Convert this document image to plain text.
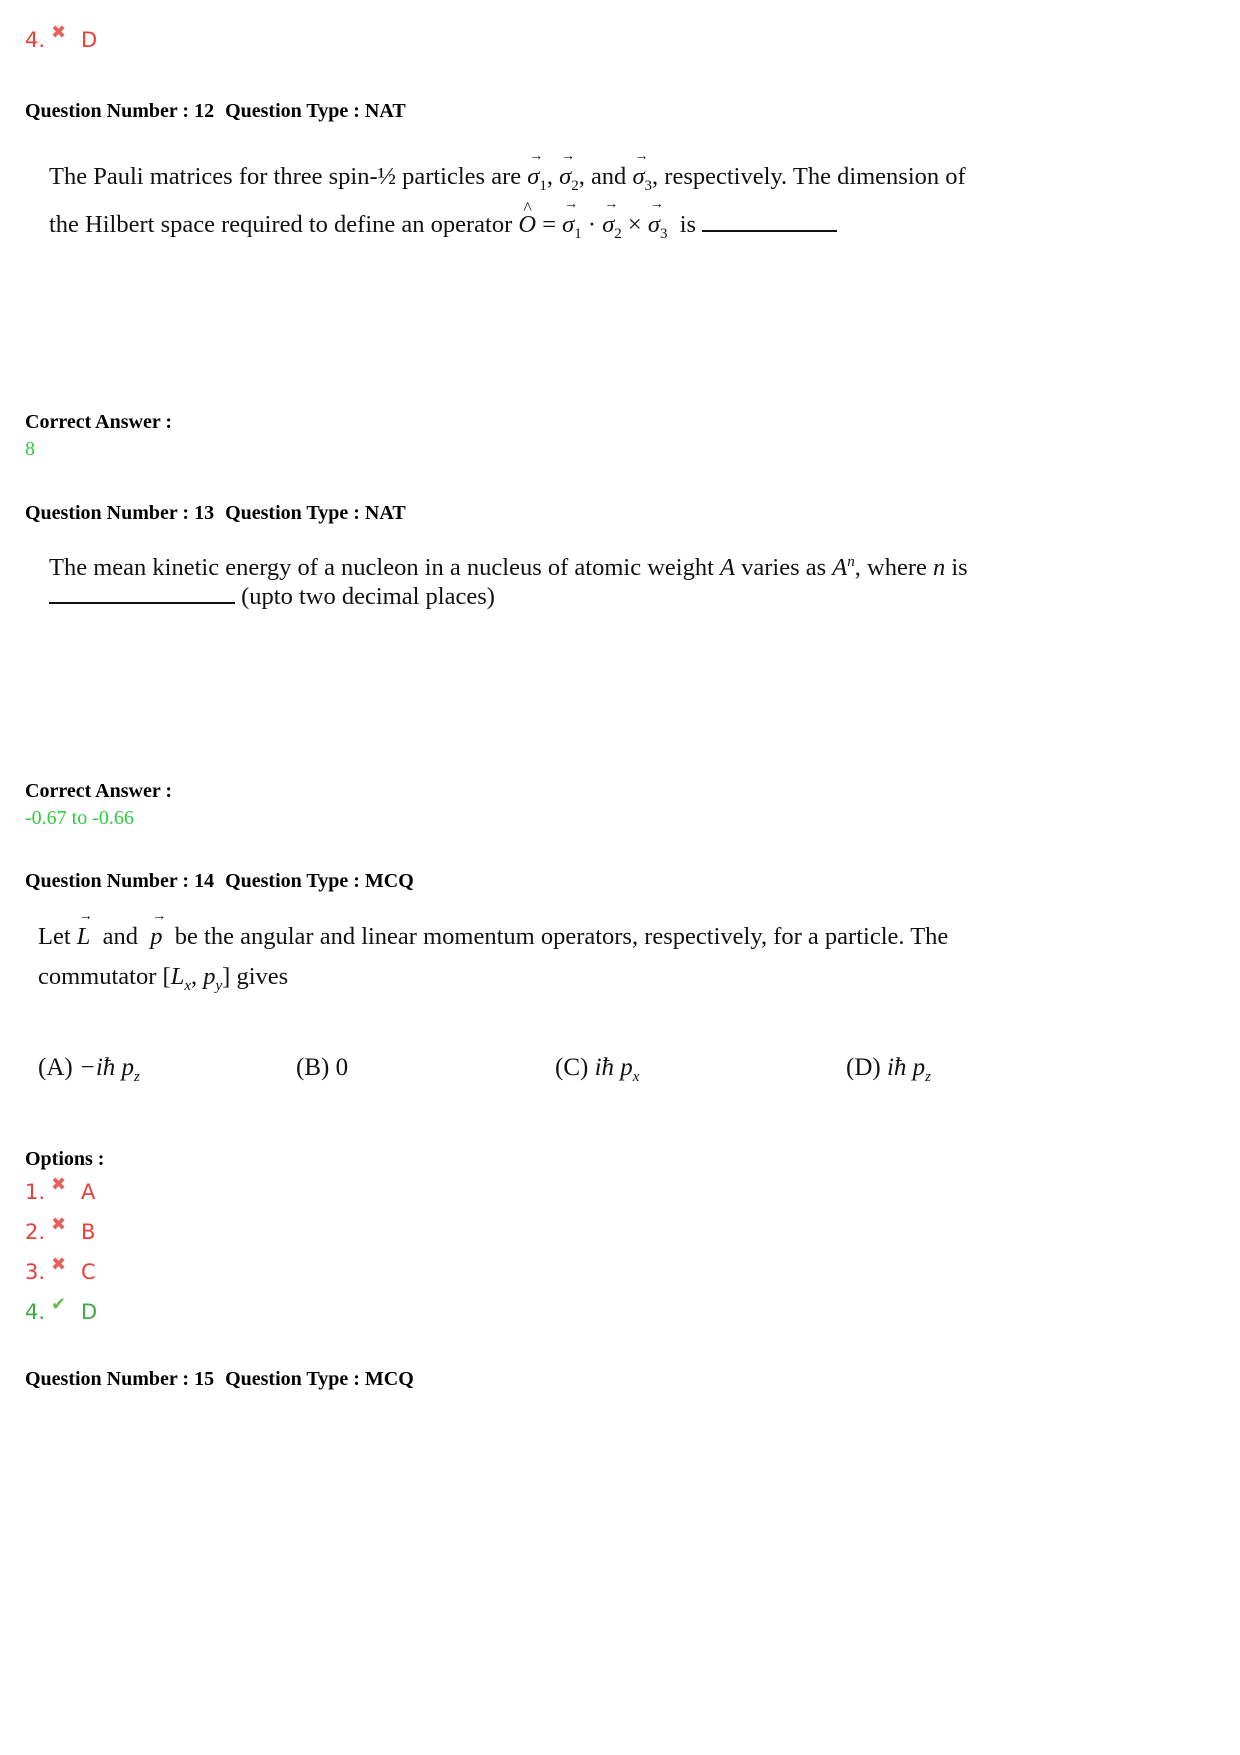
4. ✖ D
Question Number : 12 Question Type : NAT
The Pauli matrices for three spin-½ particles are → $\sigma_1$, → $\sigma_2$, and → $\sigma_3$, respectively. The dimension of
the Hilbert space required to define an operator ^ O = → $\sigma_1$ · → $\sigma_2$ × → $\sigma_3$ is
Correct Answer :
8
Question Number : 13 Question Type : NAT
The mean kinetic energy of a nucleon in a nucleus of atomic weight A varies as $A^n$, where n is
(upto two decimal places)
Correct Answer :
-0.67 to -0.66
Question Number : 14 Question Type : MCQ
Let → L and → p be the angular and linear momentum operators, respectively, for a particle. The
commutator [$L_x$, $p_y$] gives
(A) −iħ $p_z$	(B) 0	(C) iħ $p_x$	(D) iħ $p_z$
Options :
1. ✖ A
2. ✖ B
3. ✖ C
4. ✔ D
Question Number : 15 Question Type : MCQ
